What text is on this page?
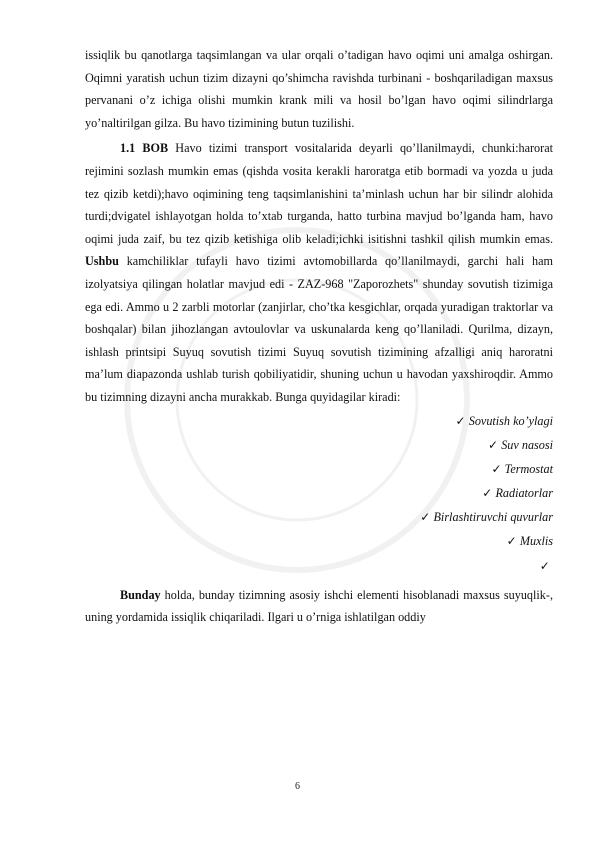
issiqlik bu qanotlarga taqsimlangan va ular orqali o’tadigan havo oqimi uni amalga oshirgan. Oqimni yaratish uchun tizim dizayni qo’shimcha ravishda turbinani - boshqariladigan maxsus pervanani o’z ichiga olishi mumkin krank mili va hosil bo’lgan havo oqimi silindrlarga yo’naltirilgan gilza. Bu havo tizimining butun tuzilishi.

1.1 BOB Havo tizimi transport vositalarida deyarli qo’llanilmaydi, chunki:harorat rejimini sozlash mumkin emas (qishda vosita kerakli haroratga etib bormadi va yozda u juda tez qizib ketdi);havo oqimining teng taqsimlanishini ta’minlash uchun har bir silindr alohida turdi;dvigatel ishlayotgan holda to’xtab turganda, hatto turbina mavjud bo’lganda ham, havo oqimi juda zaif, bu tez qizib ketishiga olib keladi;ichki isitishni tashkil qilish mumkin emas. Ushbu kamchiliklar tufayli havo tizimi avtomobillarda qo’llanilmaydi, garchi hali ham izolyatsiya qilingan holatlar mavjud edi - ZAZ-968 "Zaporozhets" shunday sovutish tizimiga ega edi. Ammo u 2 zarbli motorlar (zanjirlar, cho’tka kesgichlar, orqada yuradigan traktorlar va boshqalar) bilan jihozlangan avtoulovlar va uskunalarda keng qo’llaniladi. Qurilma, dizayn, ishlash printsipi Suyuq sovutish tizimi Suyuq sovutish tizimining afzalligi aniq haroratni ma’lum diapazonda ushlab turish qobiliyatidir, shuning uchun u havodan yaxshiroqdir. Ammo bu tizimning dizayni ancha murakkab. Bunga quyidagilar kiradi:

✓ Sovutish ko’ylagi
✓ Suv nasosi
✓ Termostat
✓ Radiatorlar
✓ Birlashtiruvchi quvurlar
✓ Muxlis
✓

Bunday holda, bunday tizimning asosiy ishchi elementi hisoblanadi maxsus suyuqlik-, uning yordamida issiqlik chiqariladi. Ilgari u o’rniga ishlatilgan oddiy

6
